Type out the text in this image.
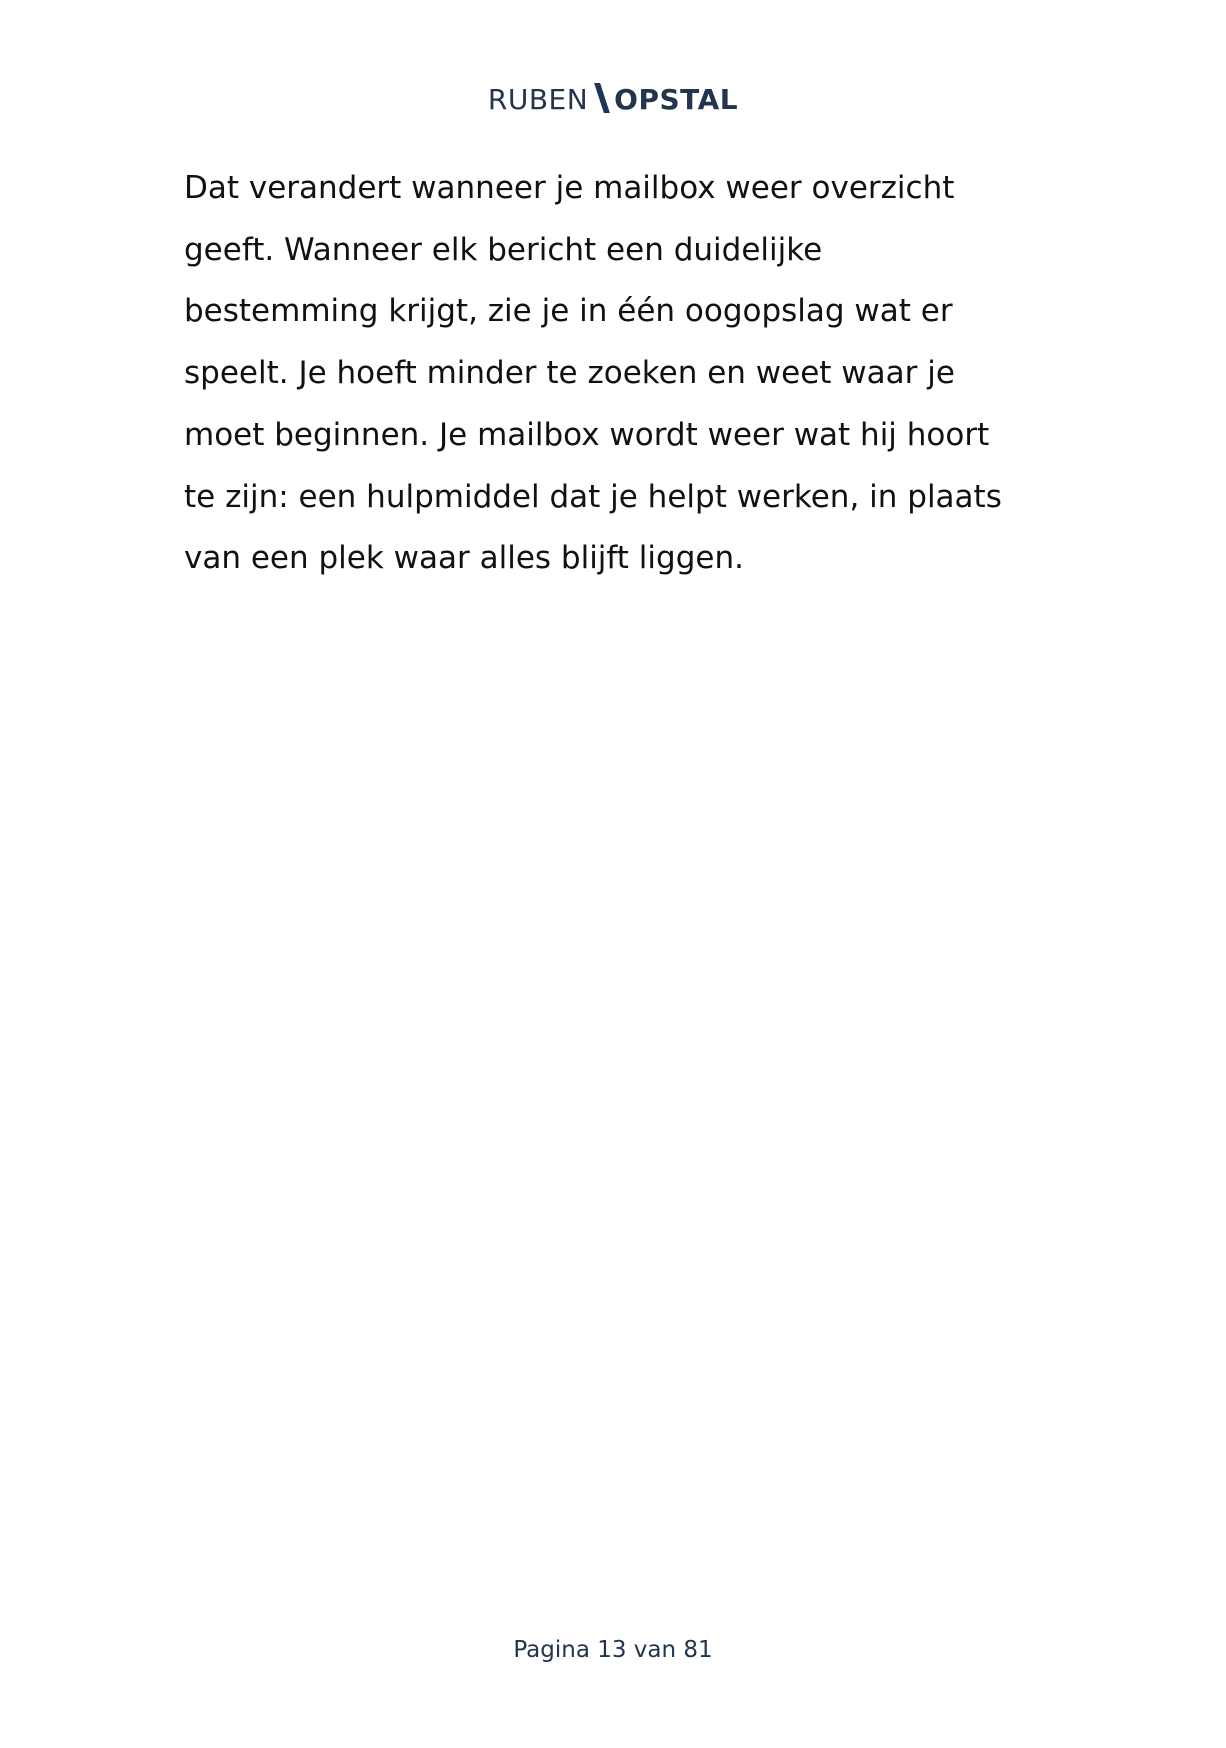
RUBEN OPSTAL
Dat verandert wanneer je mailbox weer overzicht
geeft. Wanneer elk bericht een duidelijke
bestemming krijgt, zie je in één oogopslag wat er
speelt. Je hoeft minder te zoeken en weet waar je
moet beginnen. Je mailbox wordt weer wat hij hoort
te zijn: een hulpmiddel dat je helpt werken, in plaats
van een plek waar alles blijft liggen.
Pagina 13 van 81
